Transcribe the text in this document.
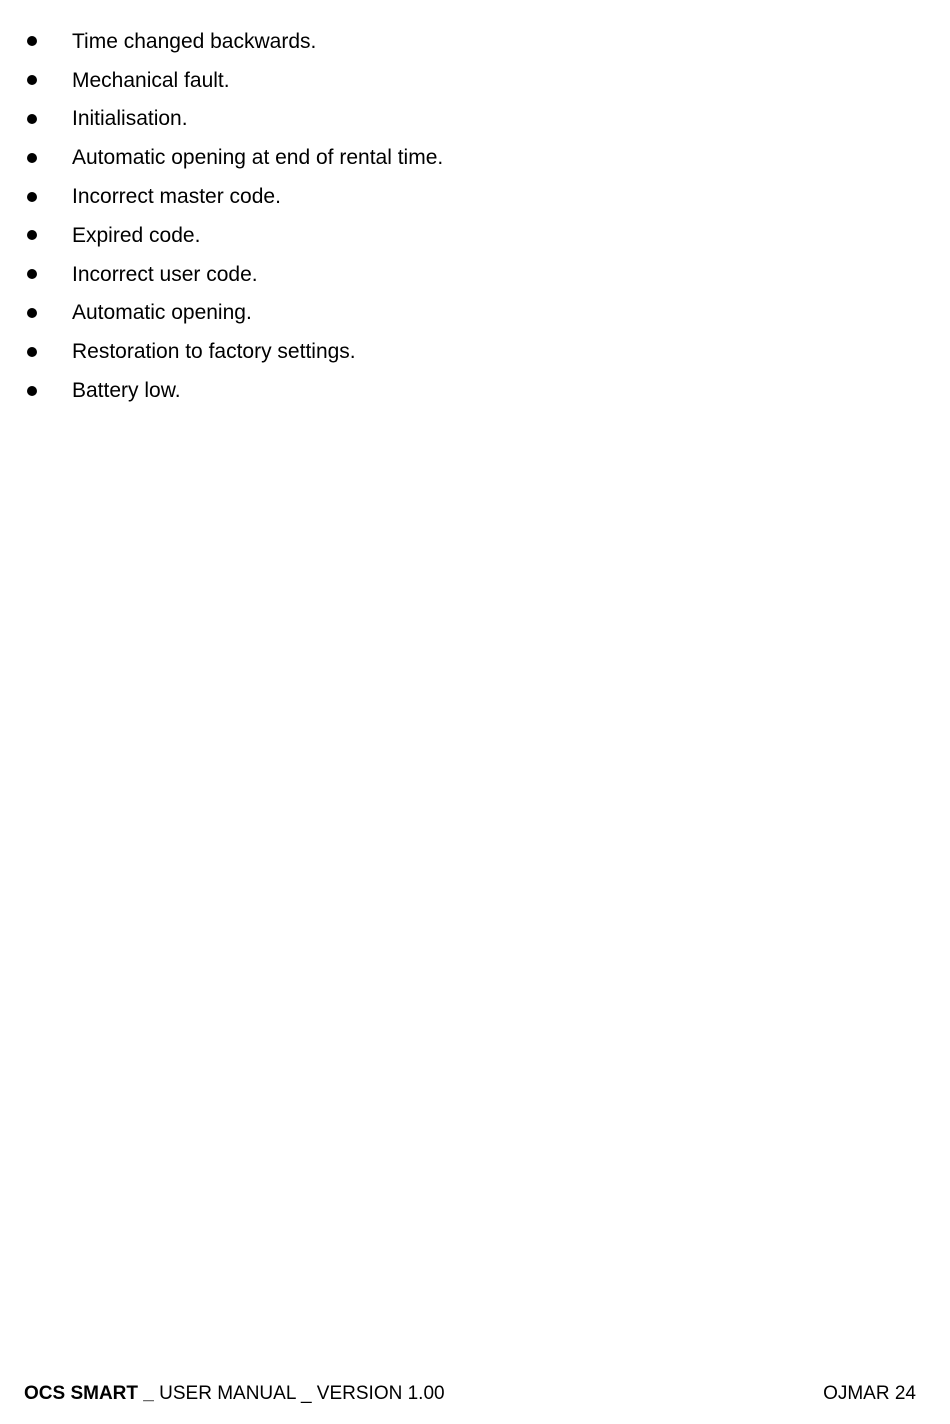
Time changed backwards.
Mechanical fault.
Initialisation.
Automatic opening at end of rental time.
Incorrect master code.
Expired code.
Incorrect user code.
Automatic opening.
Restoration to factory settings.
Battery low.
OCS SMART _ USER MANUAL _ VERSION 1.00	OJMAR 24
